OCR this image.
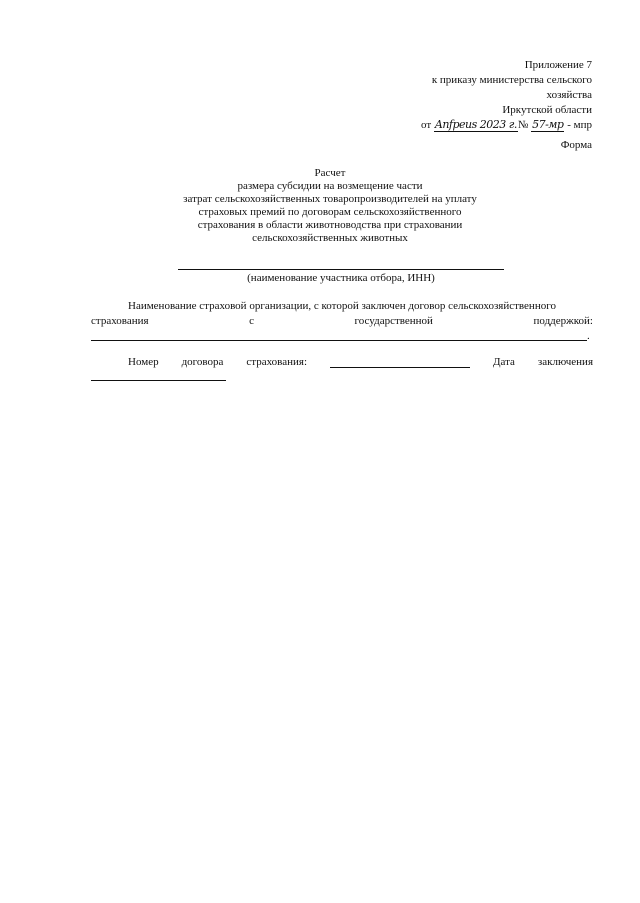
Приложение 7
к приказу министерства сельского
хозяйства
Иркутской области
от Anfpeus 2023 г.№ 57-мр - мпр
Форма
Расчет
размера субсидии на возмещение части
затрат сельскохозяйственных товаропроизводителей на уплату
страховых премий по договорам сельскохозяйственного
страхования в области животноводства при страховании
сельскохозяйственных животных
(наименование участника отбора, ИНН)
Наименование страховой организации, с которой заключен договор сельскохозяйственного
страхования	с	государственной	поддержкой:
.
Номер договора страхования:	Дата заключения
